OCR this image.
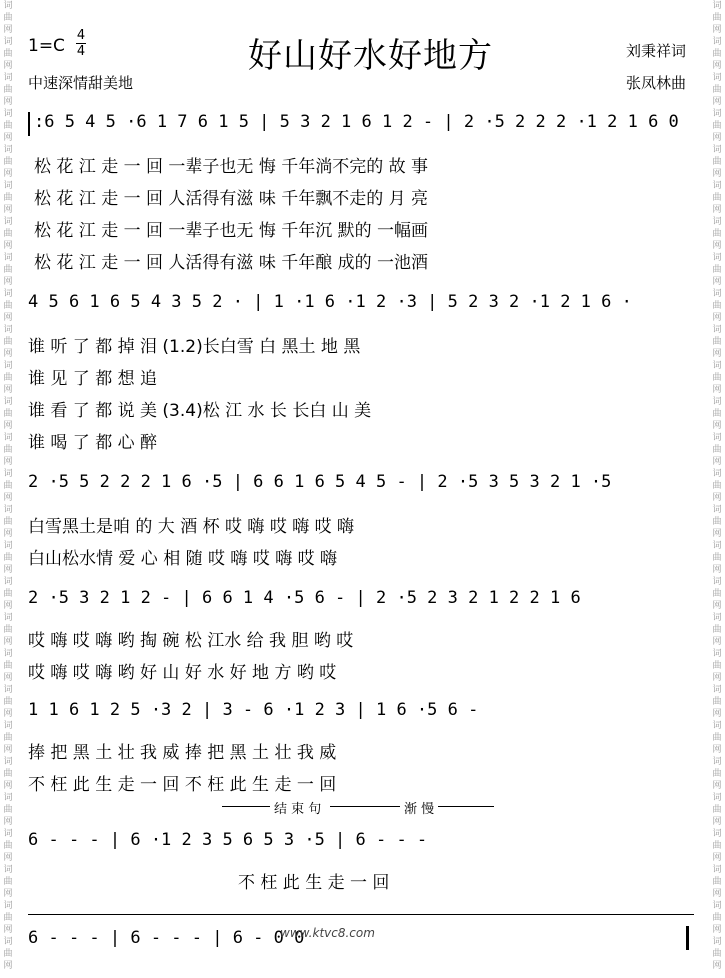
词
曲
网
词
曲
网
词
曲
网
词
曲
网
词
曲
网
词
曲
网
词
曲
网
词
曲
网
词
曲
网
词
曲
网
词
曲
网
词
曲
网
词
曲
网
词
曲
网
词
曲
网
词
曲
网
词
曲
网
词
曲
网
词
曲
网
词
曲
网
词
曲
网
词
曲
网
词
曲
网
词
曲
网
词
曲
网
词
曲
网
词
曲
网
词
曲
网
词
曲
网
词
曲
网
词
曲
网
词
曲
网
词
曲
网
词
曲
网
词
曲
网
词
曲
网
词
曲
网
词
曲
网
词
曲
网
词
曲
网
词
曲
网
词
曲
网
词
曲
网
词
曲
网
词
曲
网
词
曲
网
词
曲
网
词
曲
网
词
曲
网
词
曲
网
词
曲
网
词
曲
网
词
曲
网
词
曲
网
1=C
4
4	好山好水好地方	刘秉祥词
中速深情甜美地	张凤林曲
:6 5 4 5 ·6 1 7 6 1 5 | 5 3 2 1 6 1 2 - | 2 ·5 2 2 2 ·1 2 1 6 0
松 花 江 走 一 回 一辈子也无 悔 千年淌不完的 故 事
松 花 江 走 一 回 人活得有滋 味 千年飘不走的 月 亮
松 花 江 走 一 回 一辈子也无 悔 千年沉 默的 一幅画
松 花 江 走 一 回 人活得有滋 味 千年酿 成的 一池酒
4 5 6 1 6 5 4 3 5 2 · | 1 ·1 6 ·1 2 ·3 | 5 2 3 2 ·1 2 1 6 ·
谁 听 了 都 掉 泪 (1.2)长白雪 白 黑土 地 黑
谁 见 了 都 想 追
谁 看 了 都 说 美 (3.4)松 江 水 长 长白 山 美
谁 喝 了 都 心 醉
2 ·5 5 2 2 2 1 6 ·5 | 6 6 1 6 5 4 5 - | 2 ·5 3 5 3 2 1 ·5
白雪黑土是咱 的 大 酒 杯 哎 嗨 哎 嗨 哎 嗨
白山松水情 爱 心 相 随 哎 嗨 哎 嗨 哎 嗨
2 ·5 3 2 1 2 - | 6 6 1 4 ·5 6 - | 2 ·5 2 3 2 1 2 2 1 6
哎 嗨 哎 嗨 哟 掏 碗 松 江水 给 我 胆 哟 哎
哎 嗨 哎 嗨 哟 好 山 好 水 好 地 方 哟 哎
1 1 6 1 2 5 ·3 2 | 3 - 6 ·1 2 3 | 1 6 ·5 6 -
捧 把 黑 土 壮 我 威 捧 把 黑 土 壮 我 威
不 枉 此 生 走 一 回 不 枉 此 生 走 一 回
结 束 句	渐 慢
6 - - - | 6 ·1 2 3 5 6 5 3 ·5 | 6 - - -
不 枉 此 生 走 一 回
6 - - - | 6 - - - | 6 - 0 0
www.ktvc8.com
